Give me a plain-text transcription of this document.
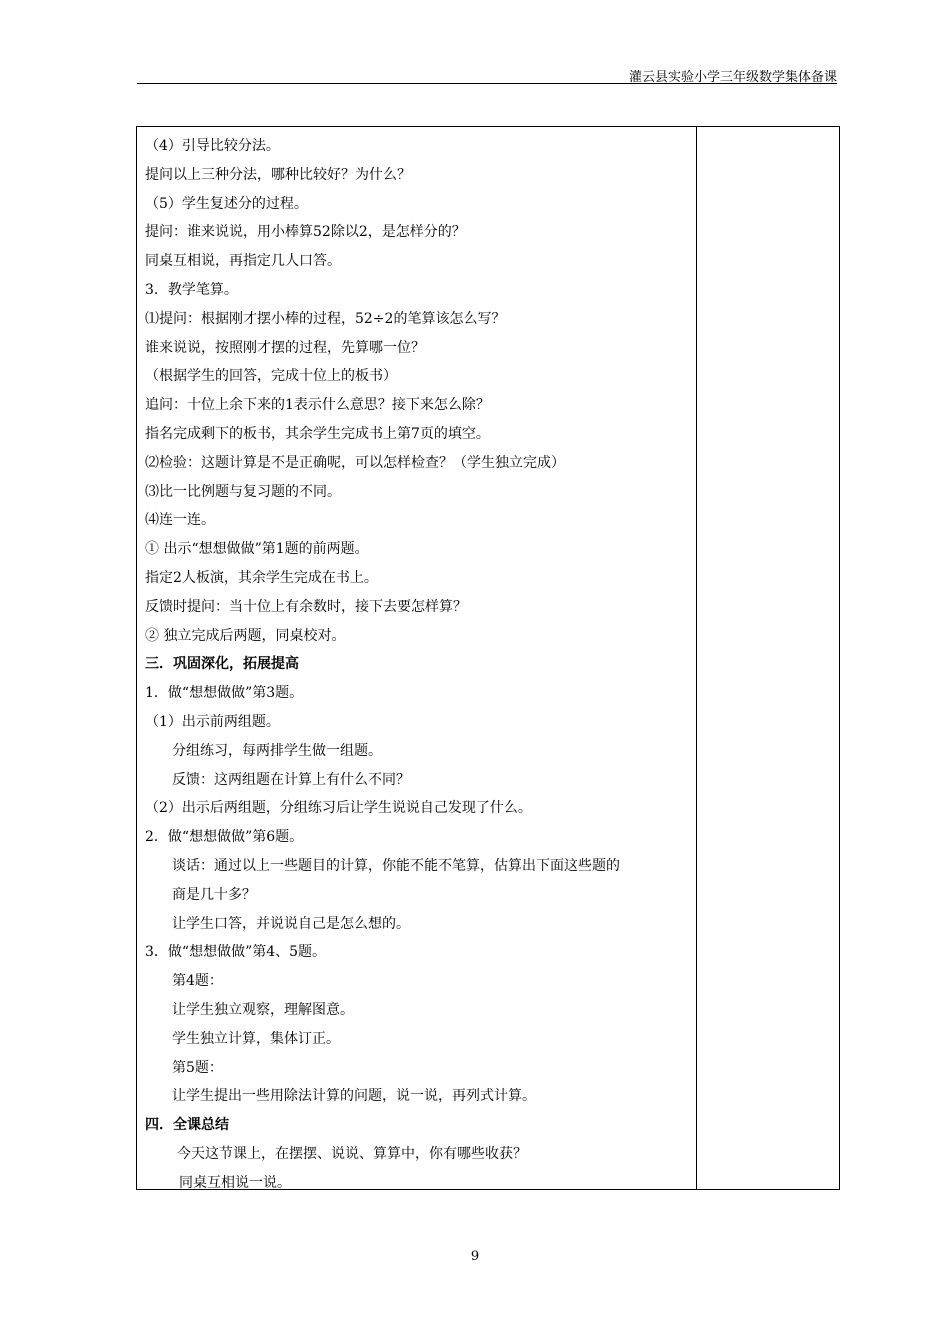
灌云县实验小学三年级数学集体备课
（4）引导比较分法。
提问以上三种分法，哪种比较好？为什么？
（5）学生复述分的过程。
提问：谁来说说，用小棒算52除以2，是怎样分的？
同桌互相说，再指定几人口答。
3．教学笔算。
⑴提问：根据刚才摆小棒的过程，52÷2的笔算该怎么写？
谁来说说，按照刚才摆的过程，先算哪一位？
（根据学生的回答，完成十位上的板书）
追问：十位上余下来的1表示什么意思？接下来怎么除？
指名完成剩下的板书，其余学生完成书上第7页的填空。
⑵检验：这题计算是不是正确呢，可以怎样检查？（学生独立完成）
⑶比一比例题与复习题的不同。
⑷连一连。
① 出示“想想做做”第1题的前两题。
指定2人板演，其余学生完成在书上。
反馈时提问：当十位上有余数时，接下去要怎样算？
② 独立完成后两题，同桌校对。
三．巩固深化，拓展提高
1．做“想想做做”第3题。
（1）出示前两组题。
分组练习，每两排学生做一组题。
反馈：这两组题在计算上有什么不同？
（2）出示后两组题，分组练习后让学生说说自己发现了什么。
2．做“想想做做”第6题。
谈话：通过以上一些题目的计算，你能不能不笔算，估算出下面这些题的
商是几十多？
让学生口答，并说说自己是怎么想的。
3．做“想想做做”第4、5题。
第4题：
让学生独立观察，理解图意。
学生独立计算，集体订正。
第5题：
让学生提出一些用除法计算的问题，说一说，再列式计算。
四．全课总结
今天这节课上，在摆摆、说说、算算中，你有哪些收获？
同桌互相说一说。
9
